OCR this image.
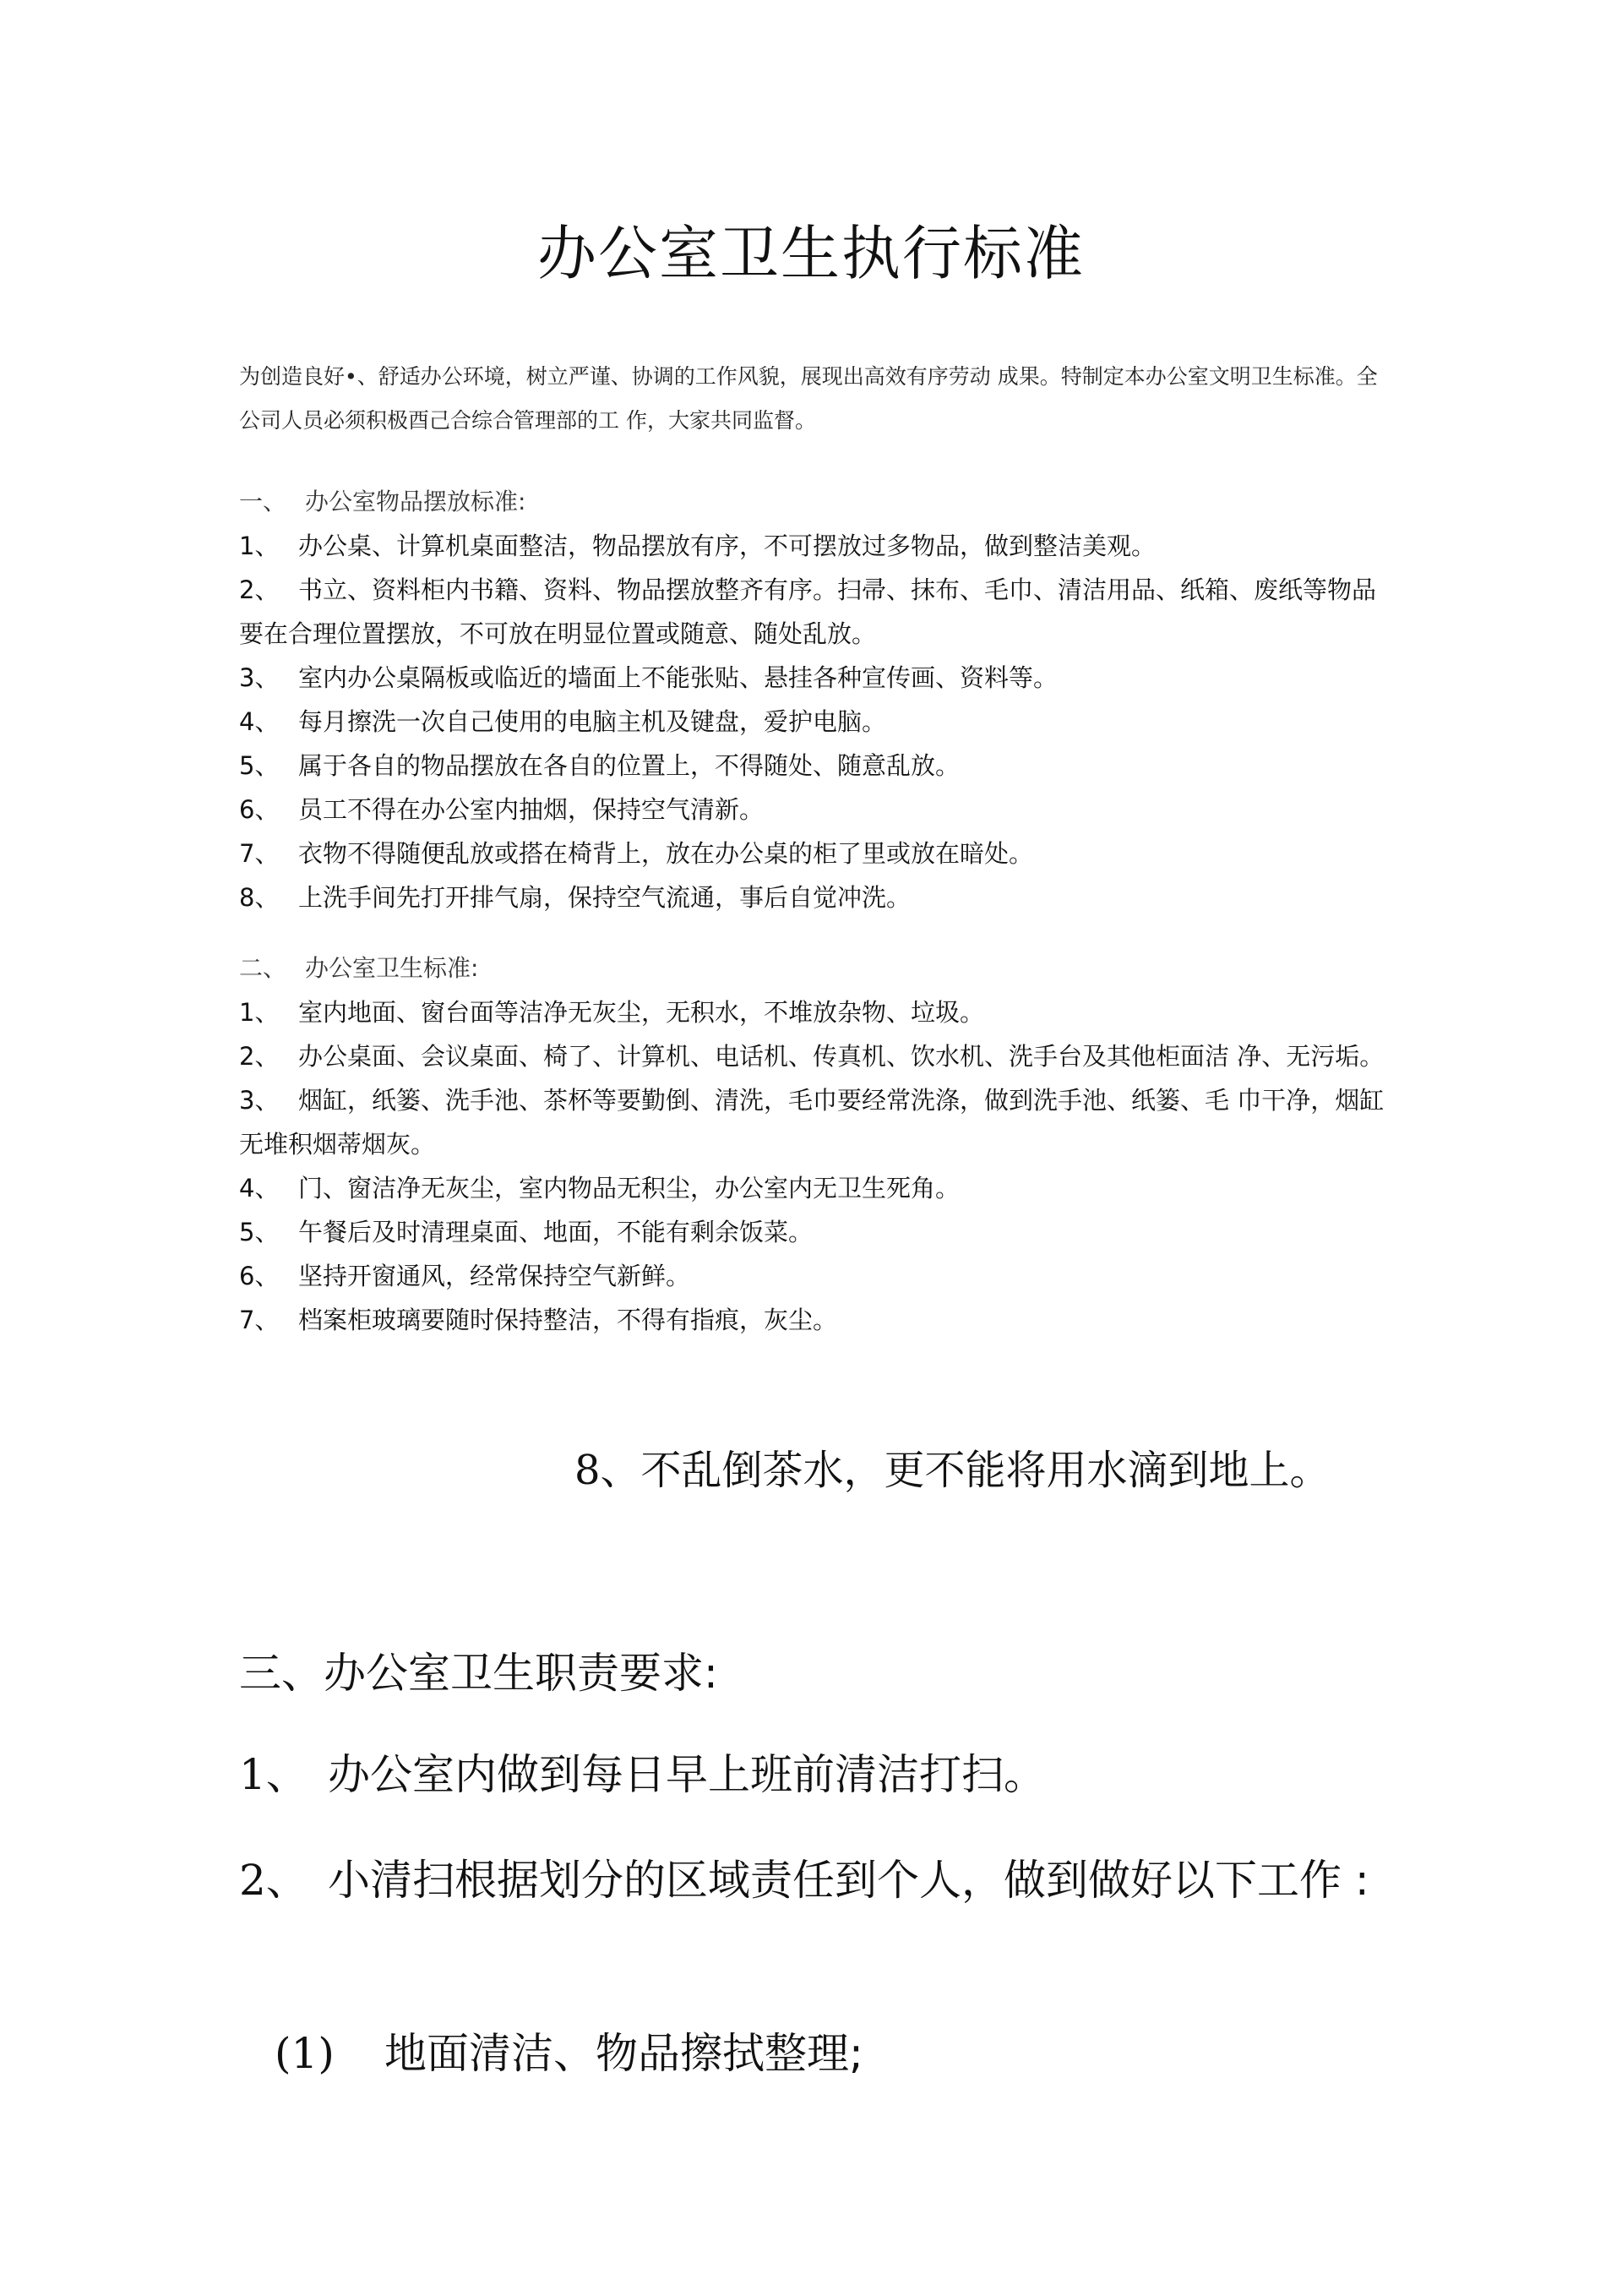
办公室卫生执行标准
为创造良好•、舒适办公环境，树立严谨、协调的工作风貌，展现出高效有序劳动 成果。特制定本办公室文明卫生标准。全公司人员必须积极酉己合综合管理部的工 作，大家共同监督。
一、 办公室物品摆放标准:
1、 办公桌、计算机桌面整洁，物品摆放有序，不可摆放过多物品，做到整洁美观。
2、 书立、资料柜内书籍、资料、物品摆放整齐有序。扫帚、抹布、毛巾、清洁用品、纸箱、废纸等物品要在合理位置摆放，不可放在明显位置或随意、随处乱放。
3、 室内办公桌隔板或临近的墙面上不能张贴、悬挂各种宣传画、资料等。
4、 每月擦洗一次自己使用的电脑主机及键盘，爱护电脑。
5、 属于各自的物品摆放在各自的位置上，不得随处、随意乱放。
6、 员工不得在办公室内抽烟，保持空气清新。
7、 衣物不得随便乱放或搭在椅背上，放在办公桌的柜了里或放在暗处。
8、 上洗手间先打开排气扇，保持空气流通，事后自觉冲洗。
二、 办公室卫生标准:
1、 室内地面、窗台面等洁净无灰尘，无积水，不堆放杂物、垃圾。
2、 办公桌面、会议桌面、椅了、计算机、电话机、传真机、饮水机、洗手台及其他柜面洁 净、无污垢。
3、 烟缸，纸篓、洗手池、茶杯等要勤倒、清洗，毛巾要经常洗涤，做到洗手池、纸篓、毛 巾干净，烟缸无堆积烟蒂烟灰。
4、 门、窗洁净无灰尘，室内物品无积尘，办公室内无卫生死角。
5、 午餐后及时清理桌面、地面，不能有剩余饭菜。
6、 坚持开窗通风，经常保持空气新鲜。
7、 档案柜玻璃要随时保持整洁，不得有指痕，灰尘。
8、不乱倒茶水，更不能将用水滴到地上。
三、办公室卫生职责要求:
1、 办公室内做到每日早上班前清洁打扫。
2、 小清扫根据划分的区域责任到个人，做到做好以下工作 :
(1) 地面清洁、物品擦拭整理;
